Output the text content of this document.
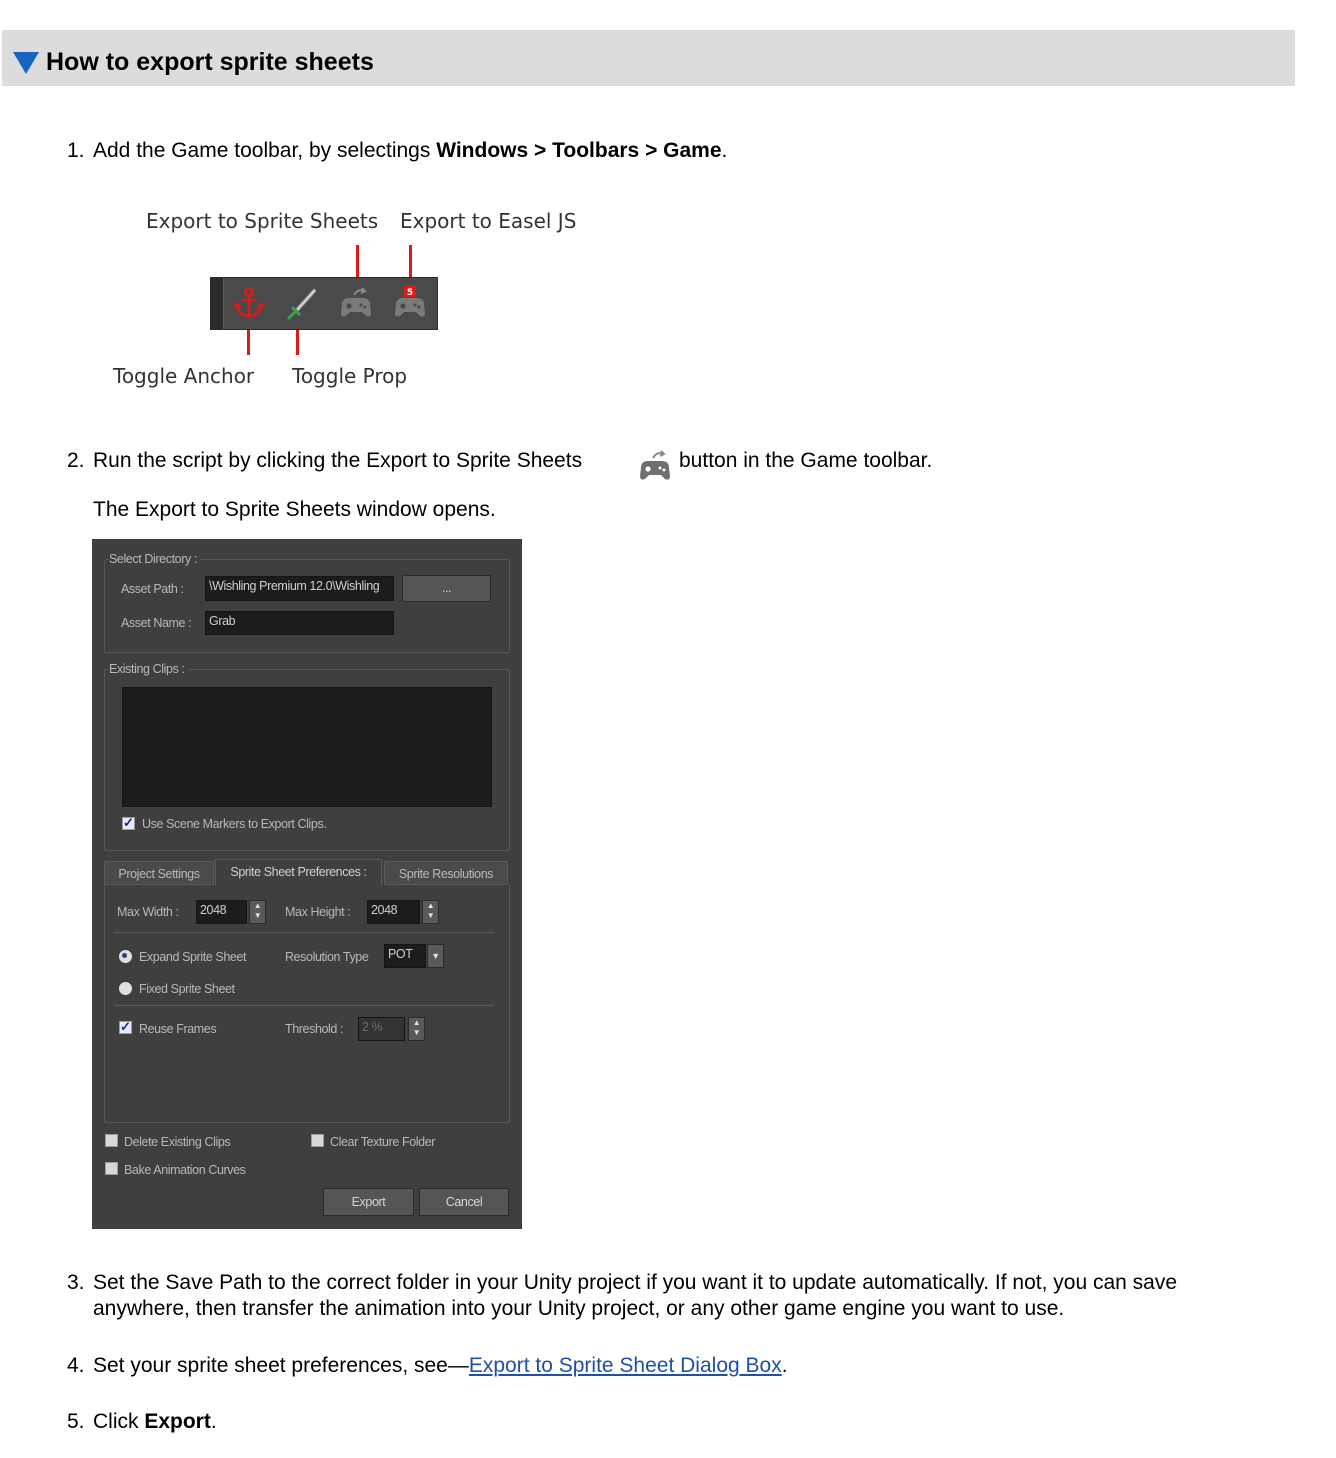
How to export sprite sheets
1. Add the Game toolbar, by selectings Windows > Toolbars > Game.
Export to Sprite Sheets Export to Easel JS
5
Toggle Anchor Toggle Prop
2. Run the script by clicking the Export to Sprite Sheets	button in the Game toolbar.
The Export to Sprite Sheets window opens.
Select Directory :
Asset Path :	\Wishling Premium 12.0\Wishling	...
Asset Name :	Grab
Existing Clips :
✓
Use Scene Markers to Export Clips.
Project Settings	Sprite Sheet Preferences :	Sprite Resolutions
Max Width :	2048	▲
▼	Max Height :	2048	▲
▼
Expand Sprite Sheet	Resolution Type	POT	▼
Fixed Sprite Sheet
✓
Reuse Frames	Threshold :	2 %	▲
▼
Delete Existing Clips	Clear Texture Folder
Bake Animation Curves
Export	Cancel
3. Set the Save Path to the correct folder in your Unity project if you want it to update automatically. If not, you can save
anywhere, then transfer the animation into your Unity project, or any other game engine you want to use.
4. Set your sprite sheet preferences, see—Export to Sprite Sheet Dialog Box.
5. Click Export.
